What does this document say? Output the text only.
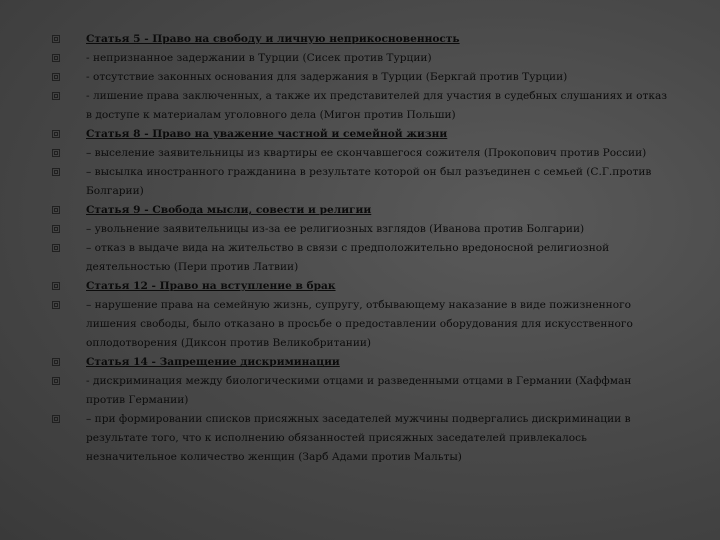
Статья 5 - Право на свободу и личную неприкосновенность
- непризнанное задержании в Турции (Сисек против Турции)
- отсутствие законных основания для задержания в Турции (Беркгай против Турции)
- лишение права заключенных, а также их представителей для участия в судебных слушаниях и отказ в доступе к материалам уголовного дела (Мигон против Польши)
Статья 8 - Право на уважение частной и семейной жизни
– выселение заявительницы из квартиры ее скончавшегося сожителя (Прокопович против России)
– высылка иностранного гражданина в результате которой он был разъединен с семьей (С.Г.против Болгарии)
Статья 9 - Свобода мысли, совести и религии
– увольнение заявительницы из-за ее религиозных взглядов (Иванова против Болгарии)
– отказ в выдаче вида на жительство в связи с предположительно вредоносной религиозной деятельностью (Пери против Латвии)
Статья 12 - Право на вступление в брак
– нарушение права на семейную жизнь, супругу, отбывающему наказание в виде пожизненного лишения свободы, было отказано в просьбе о предоставлении оборудования для искусственного оплодотворения (Диксон против Великобритании)
Статья 14 - Запрещение дискриминации
- дискриминация между биологическими отцами и разведенными отцами в Германии (Хаффман против Германии)
– при формировании списков присяжных заседателей мужчины подвергались дискриминации в результате того, что к исполнению обязанностей присяжных заседателей привлекалось незначительное количество женщин (Зарб Адами против Мальты)
